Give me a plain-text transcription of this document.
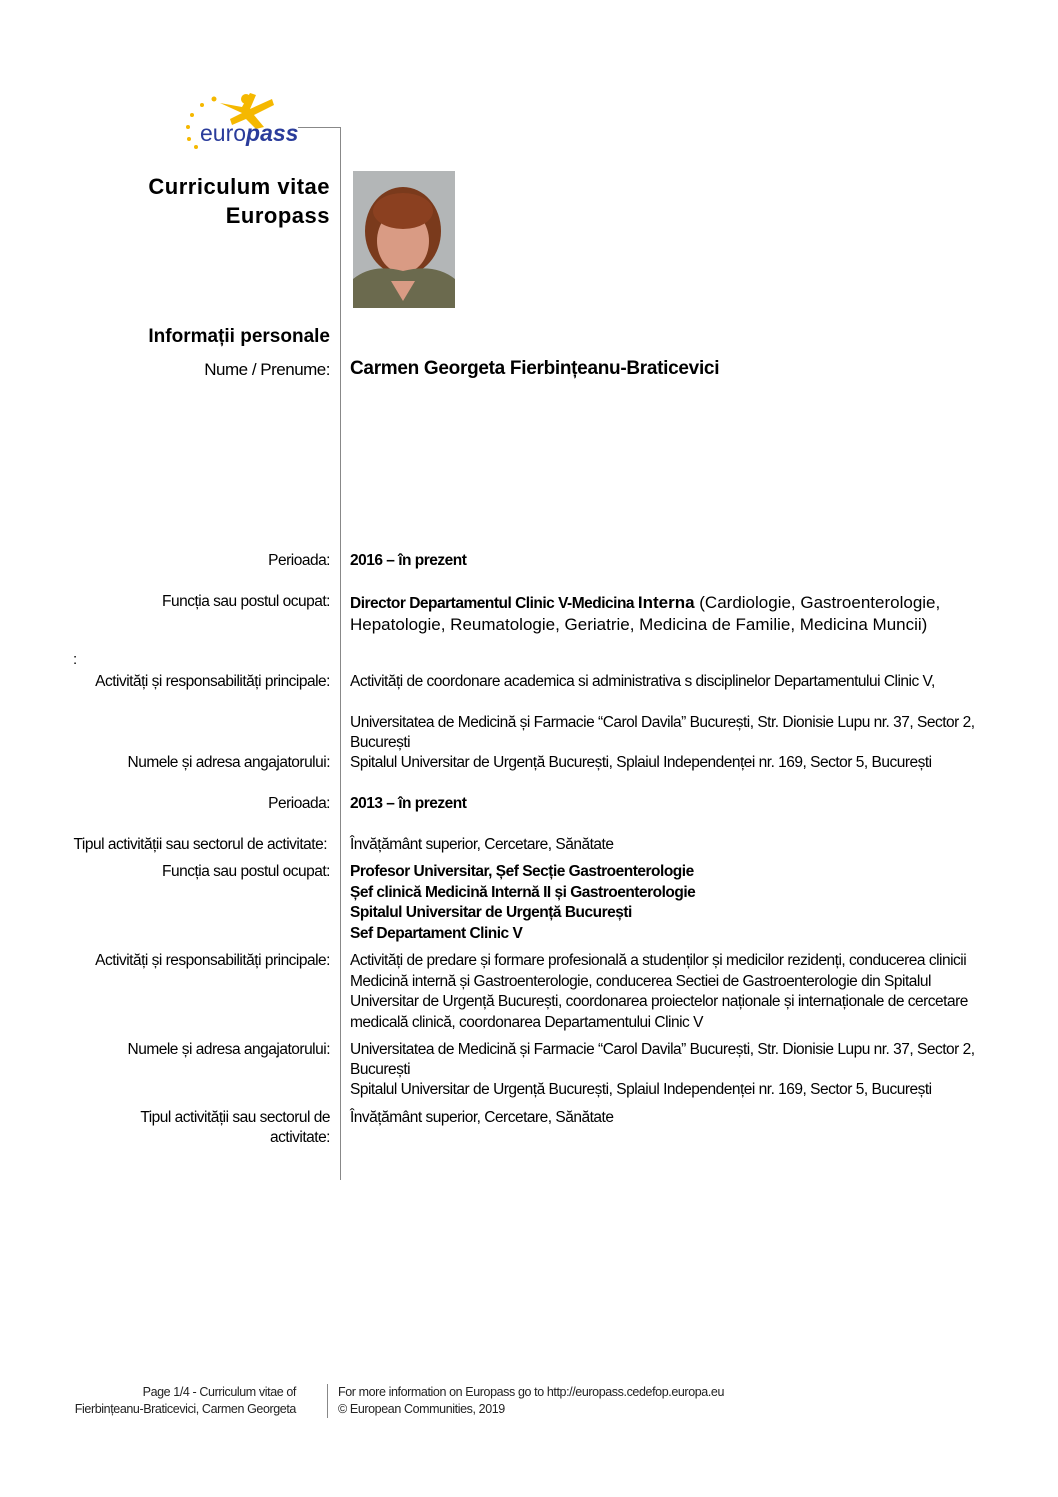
europass
Curriculum vitae
Europass
Informații personale
Nume / Prenume: Carmen Georgeta Fierbințeanu-Braticevici
Perioada: 2016 – în prezent
Funcția sau postul ocupat: Director Departamentul Clinic V-Medicina Interna (Cardiologie, Gastroenterologie, Hepatologie, Reumatologie, Geriatrie, Medicina de Familie, Medicina Muncii)
:
Activități și responsabilități principale: Activități de coordonare academica si administrativa s disciplinelor Departamentului Clinic V,
Universitatea de Medicină și Farmacie “Carol Davila” București, Str. Dionisie Lupu nr. 37, Sector 2, București
Spitalul Universitar de Urgență București, Splaiul Independenței nr. 169, Sector 5, București
Numele și adresa angajatorului:
Perioada: 2013 – în prezent
Tipul activității sau sectorul de activitate: Învățământ superior, Cercetare, Sănătate
Funcția sau postul ocupat: Profesor Universitar, Șef Secție Gastroenterologie
Șef clinică Medicină Internă II și Gastroenterologie
Spitalul Universitar de Urgență București
Sef Departament Clinic V
Activități și responsabilități principale: Activități de predare și formare profesională a studenților și medicilor rezidenți, conducerea clinicii Medicină internă și Gastroenterologie, conducerea Sectiei de Gastroenterologie din Spitalul Universitar de Urgență București, coordonarea proiectelor naționale și internaționale de cercetare medicală clinică, coordonarea Departamentului Clinic V
Numele și adresa angajatorului: Universitatea de Medicină și Farmacie “Carol Davila” București, Str. Dionisie Lupu nr. 37, Sector 2, București
Spitalul Universitar de Urgență București, Splaiul Independenței nr. 169, Sector 5, București
Tipul activității sau sectorul de
activitate:
Învățământ superior, Cercetare, Sănătate
Page 1/4 - Curriculum vitae of
Fierbințeanu-Braticevici, Carmen Georgeta
For more information on Europass go to http://europass.cedefop.europa.eu
© European Communities, 2019
